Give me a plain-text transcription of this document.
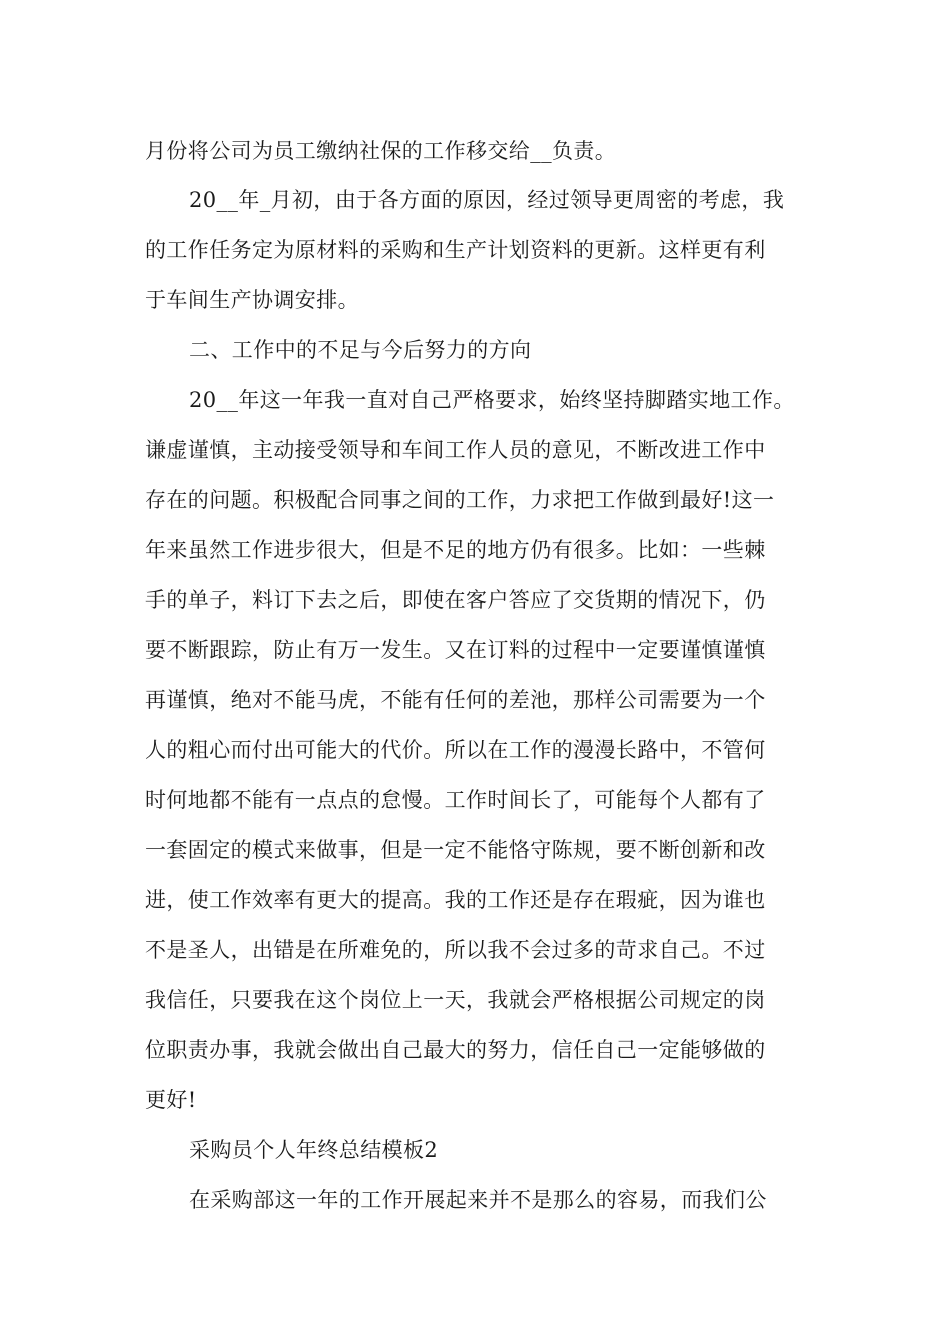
月份将公司为员工缴纳社保的工作移交给__负责。

20__年_月初，由于各方面的原因，经过领导更周密的考虑，我

的工作任务定为原材料的采购和生产计划资料的更新。这样更有利

于车间生产协调安排。

二、工作中的不足与今后努力的方向

20__年这一年我一直对自己严格要求，始终坚持脚踏实地工作。

谦虚谨慎，主动接受领导和车间工作人员的意见，不断改进工作中

存在的问题。积极配合同事之间的工作，力求把工作做到最好!这一

年来虽然工作进步很大，但是不足的地方仍有很多。比如：一些棘

手的单子，料订下去之后，即使在客户答应了交货期的情况下，仍

要不断跟踪，防止有万一发生。又在订料的过程中一定要谨慎谨慎

再谨慎，绝对不能马虎，不能有任何的差池，那样公司需要为一个

人的粗心而付出可能大的代价。所以在工作的漫漫长路中，不管何

时何地都不能有一点点的怠慢。工作时间长了，可能每个人都有了

一套固定的模式来做事，但是一定不能恪守陈规，要不断创新和改

进，使工作效率有更大的提高。我的工作还是存在瑕疵，因为谁也

不是圣人，出错是在所难免的，所以我不会过多的苛求自己。不过

我信任，只要我在这个岗位上一天，我就会严格根据公司规定的岗

位职责办事，我就会做出自己最大的努力，信任自己一定能够做的

更好!

采购员个人年终总结模板2

在采购部这一年的工作开展起来并不是那么的容易，而我们公
